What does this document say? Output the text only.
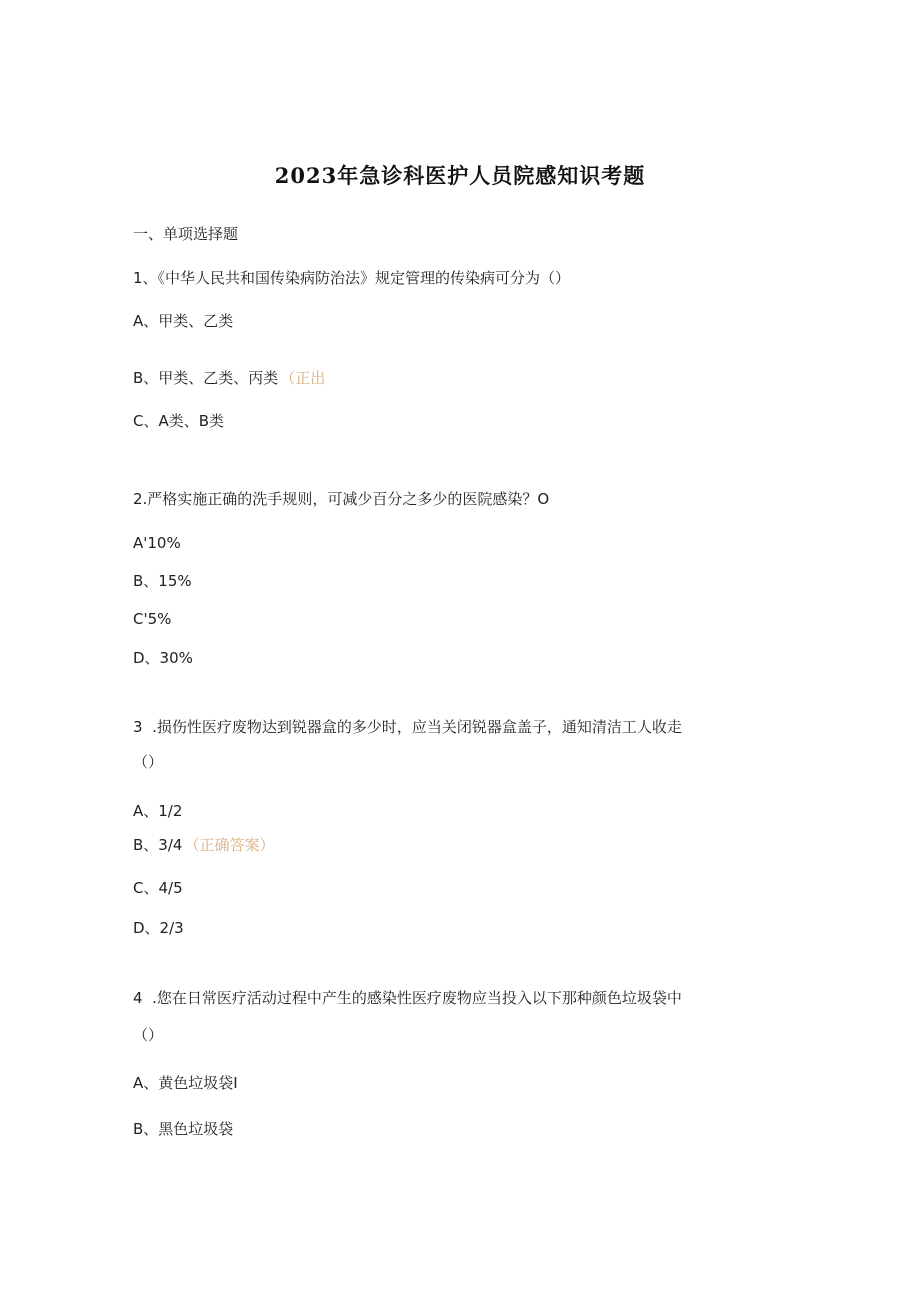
2023年急诊科医护人员院感知识考题
一、单项选择题
1、《中华人民共和国传染病防治法》规定管理的传染病可分为（）
A、甲类、乙类
B、甲类、乙类、丙类 （正出
C、A类、B类
2.严格实施正确的洗手规则，可减少百分之多少的医院感染？O
A'10%
B、15%
C'5%
D、30%
3  .损伤性医疗废物达到锐器盒的多少时，应当关闭锐器盒盖子，通知清洁工人收走
（）
A、1/2
B、3/4 （正确答案）
C、4/5
D、2/3
4  .您在日常医疗活动过程中产生的感染性医疗废物应当投入以下那种颜色垃圾袋中
（）
A、黄色垃圾袋I
B、黑色垃圾袋
